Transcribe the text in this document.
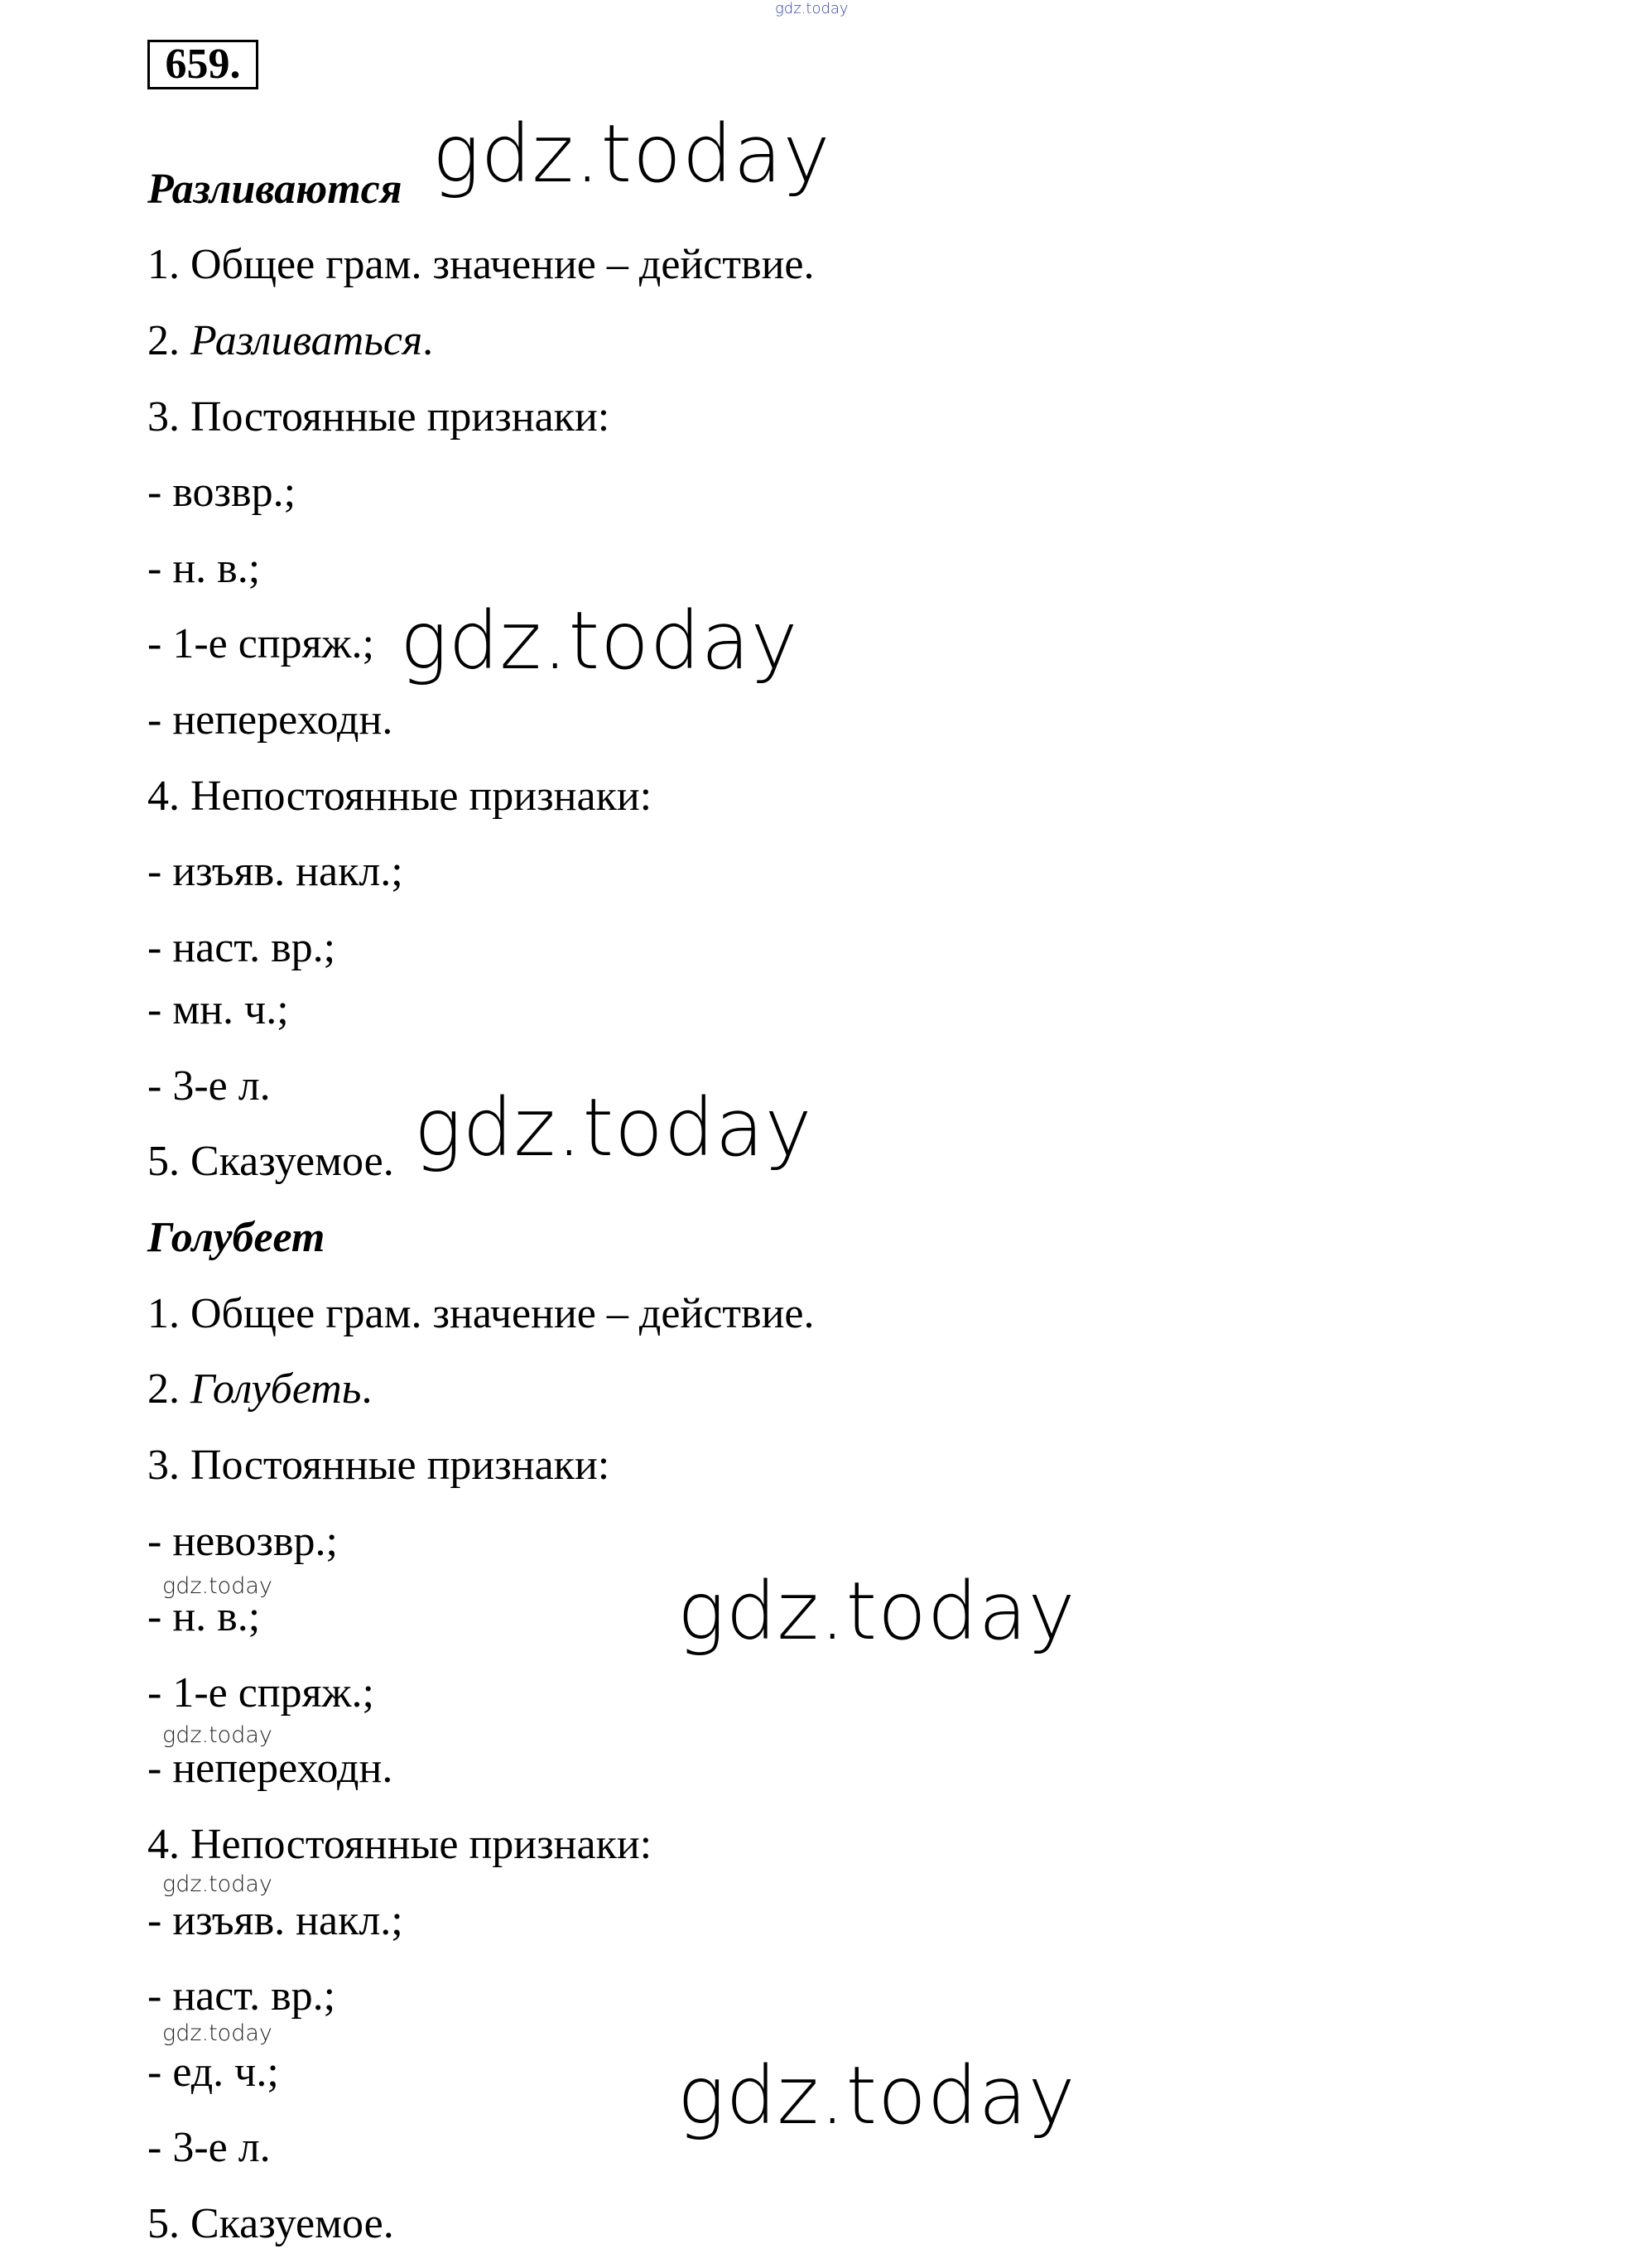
gdz.today
659.
Разливаются
1. Общее грам. значение – действие.
2. Разливаться.
3. Постоянные признаки:
- возвр.;
- н. в.;
- 1-е спряж.;
- непереходн.
4. Непостоянные признаки:
- изъяв. накл.;
- наст. вр.;
- мн. ч.;
- 3-е л.
5. Сказуемое.
Голубеет
1. Общее грам. значение – действие.
2. Голубеть.
3. Постоянные признаки:
- невозвр.;
- н. в.;
- 1-е спряж.;
- непереходн.
4. Непостоянные признаки:
- изъяв. накл.;
- наст. вр.;
- ед. ч.;
- 3-е л.
5. Сказуемое.
gdz.today
gdz.today
gdz.today
gdz.today
gdz.today
gdz.today
gdz.today
gdz.today
gdz.today
